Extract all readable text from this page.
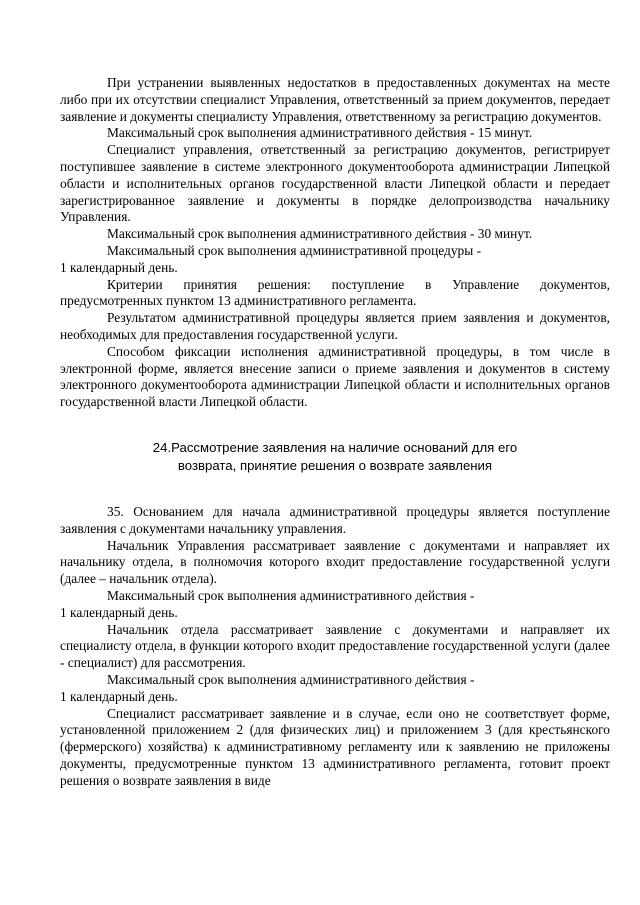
При устранении выявленных недостатков в предоставленных документах на месте либо при их отсутствии специалист Управления, ответственный за прием документов, передает заявление и документы специалисту Управления, ответственному за регистрацию документов.

Максимальный срок выполнения административного действия - 15 минут.

Специалист управления, ответственный за регистрацию документов, регистрирует поступившее заявление в системе электронного документооборота администрации Липецкой области и исполнительных органов государственной власти Липецкой области и передает зарегистрированное заявление и документы в порядке делопроизводства начальнику Управления.

Максимальный срок выполнения административного действия - 30 минут.

Максимальный срок выполнения административной процедуры -
1 календарный день.

Критерии принятия решения: поступление в Управление документов, предусмотренных пунктом 13 административного регламента.

Результатом административной процедуры является прием заявления и документов, необходимых для предоставления государственной услуги.

Способом фиксации исполнения административной процедуры, в том числе в электронной форме, является внесение записи о приеме заявления и документов в систему электронного документооборота администрации Липецкой области и исполнительных органов государственной власти Липецкой области.

24.Рассмотрение заявления на наличие оснований для его
возврата, принятие решения о возврате заявления

35. Основанием для начала административной процедуры является поступление заявления с документами начальнику управления.

Начальник Управления рассматривает заявление с документами и направляет их начальнику отдела, в полномочия которого входит предоставление государственной услуги (далее – начальник отдела).

Максимальный срок выполнения административного действия -
1 календарный день.

Начальник отдела рассматривает заявление с документами и направляет их специалисту отдела, в функции которого входит предоставление государственной услуги (далее - специалист) для рассмотрения.

Максимальный срок выполнения административного действия -
1 календарный день.

Специалист рассматривает заявление и в случае, если оно не соответствует форме, установленной приложением 2 (для физических лиц) и приложением 3 (для крестьянского (фермерского) хозяйства) к административному регламенту или к заявлению не приложены документы, предусмотренные пунктом 13 административного регламента, готовит проект решения о возврате заявления в виде
